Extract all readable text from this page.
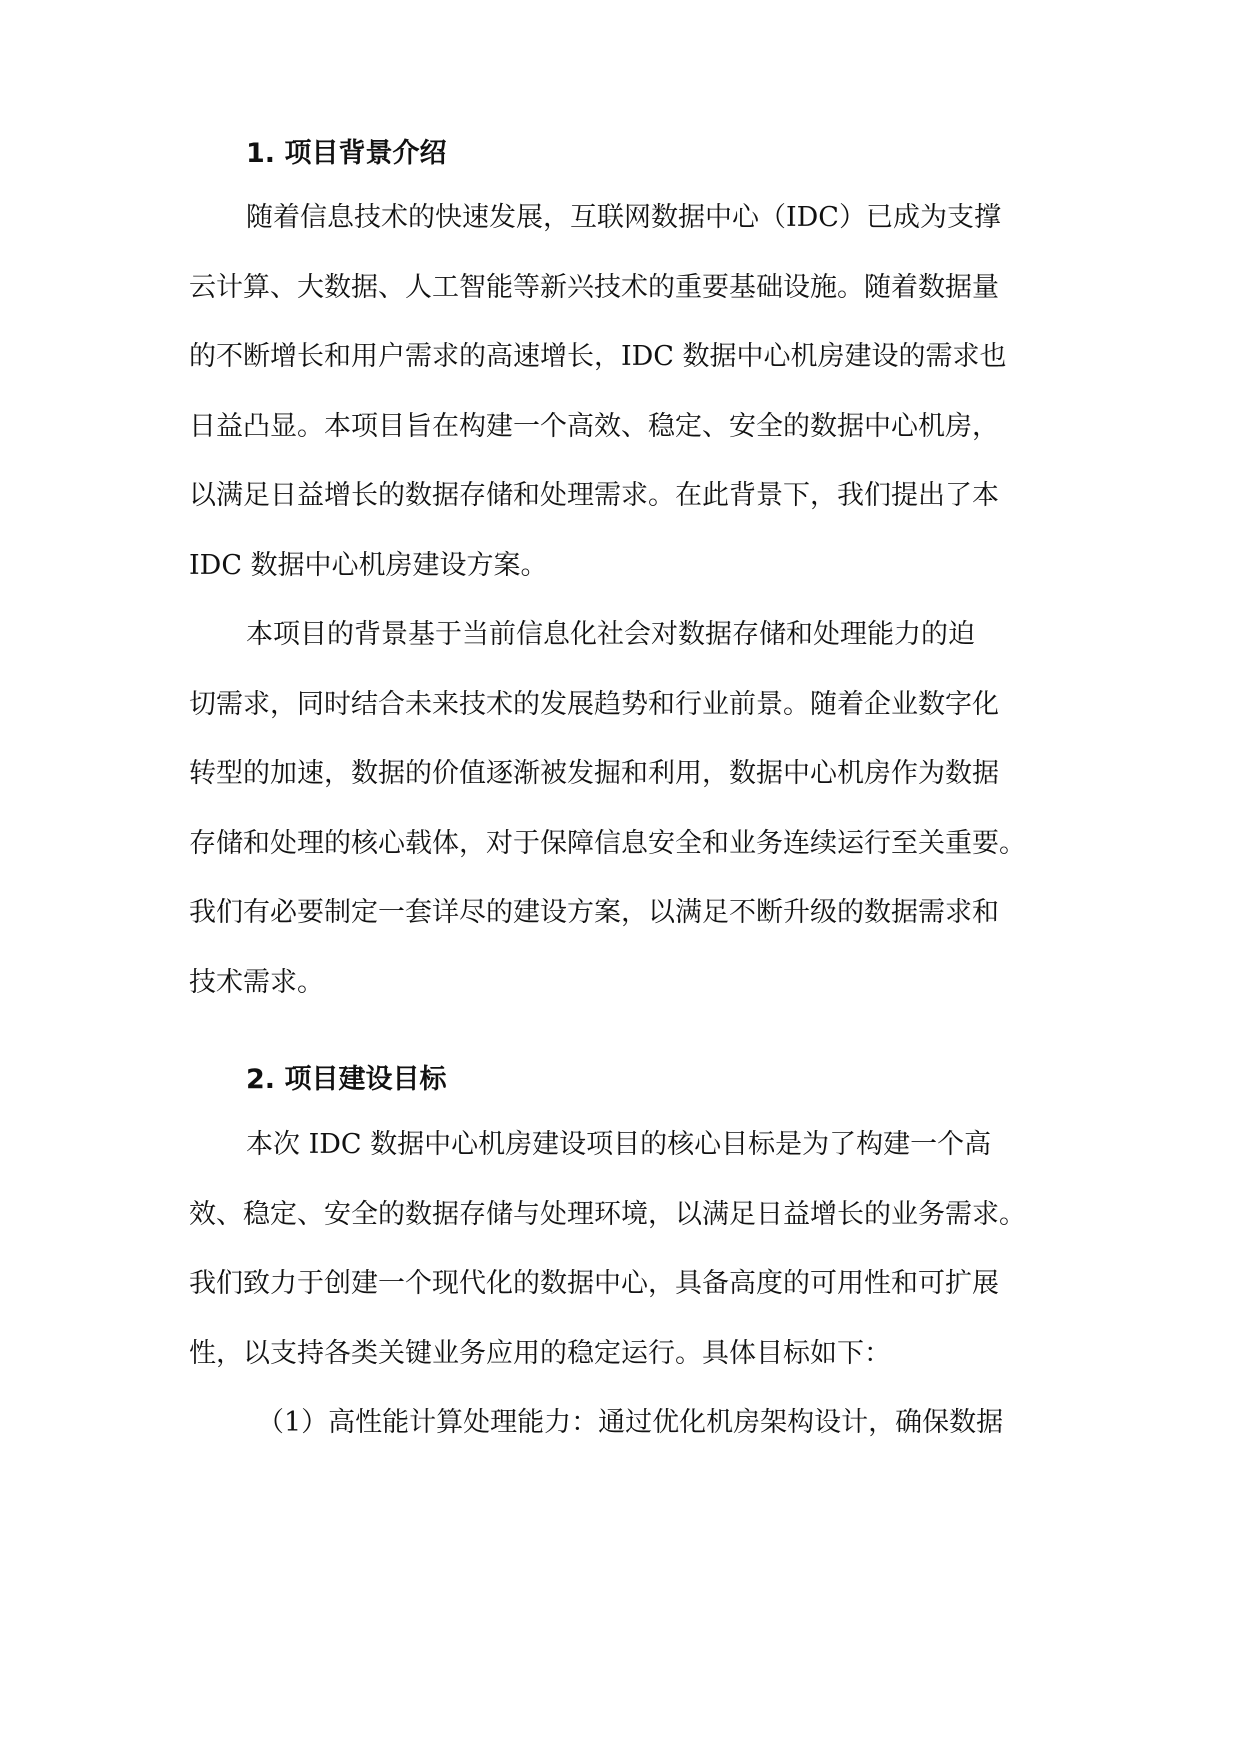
1. 项目背景介绍
随着信息技术的快速发展，互联网数据中心（IDC）已成为支撑
云计算、大数据、人工智能等新兴技术的重要基础设施。随着数据量
的不断增长和用户需求的高速增长，IDC 数据中心机房建设的需求也
日益凸显。本项目旨在构建一个高效、稳定、安全的数据中心机房，
以满足日益增长的数据存储和处理需求。在此背景下，我们提出了本
IDC 数据中心机房建设方案。
本项目的背景基于当前信息化社会对数据存储和处理能力的迫
切需求，同时结合未来技术的发展趋势和行业前景。随着企业数字化
转型的加速，数据的价值逐渐被发掘和利用，数据中心机房作为数据
存储和处理的核心载体，对于保障信息安全和业务连续运行至关重要。
我们有必要制定一套详尽的建设方案，以满足不断升级的数据需求和
技术需求。
2. 项目建设目标
本次 IDC 数据中心机房建设项目的核心目标是为了构建一个高
效、稳定、安全的数据存储与处理环境，以满足日益增长的业务需求。
我们致力于创建一个现代化的数据中心，具备高度的可用性和可扩展
性，以支持各类关键业务应用的稳定运行。具体目标如下：
（1）高性能计算处理能力：通过优化机房架构设计，确保数据
